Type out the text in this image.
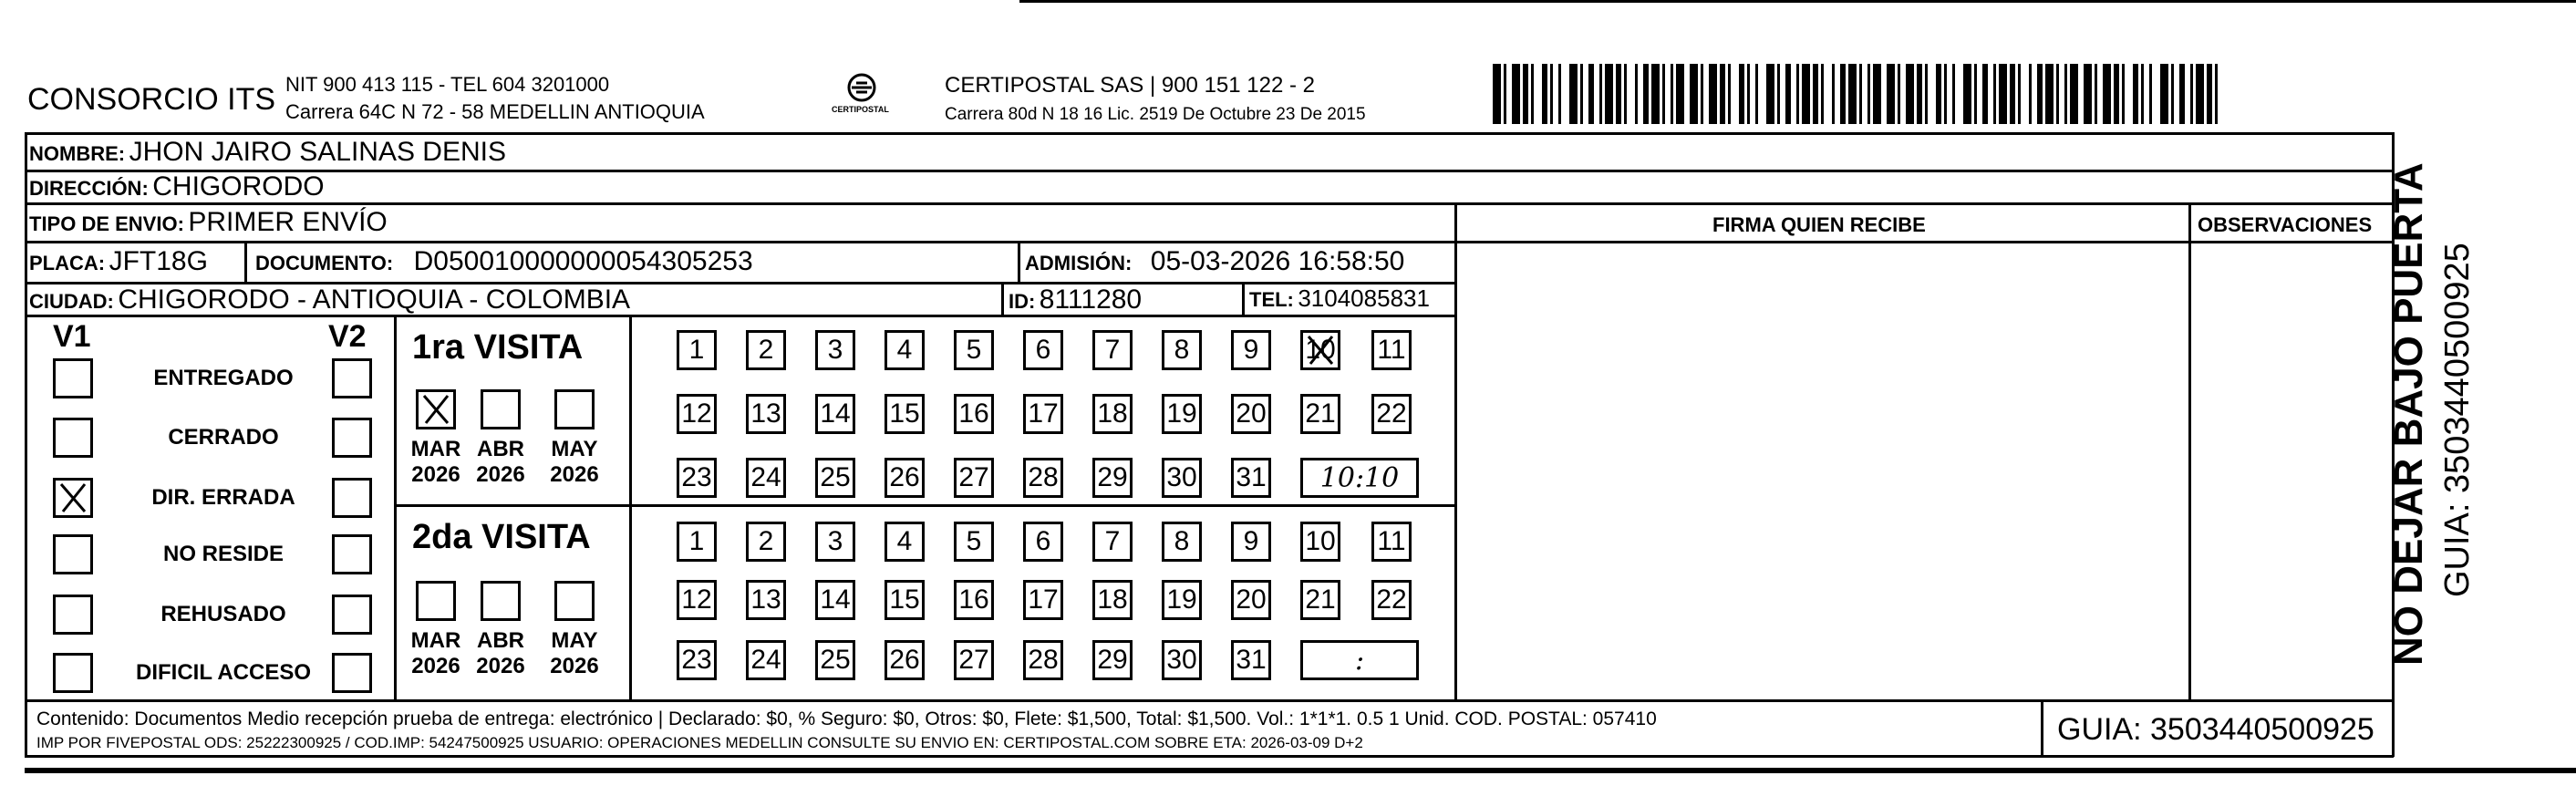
CONSORCIO ITS NIT 900 413 115 - TEL 604 3201000
Carrera 64C N 72 - 58 MEDELLIN ANTIOQUIA	CERTIPOSTAL
CERTIPOSTAL SAS | 900 151 122 - 2
Carrera 80d N 18 16 Lic. 2519 De Octubre 23 De 2015
FIRMA QUIEN RECIBE	OBSERVACIONES
NOMBRE: JHON JAIRO SALINAS DENIS
DIRECCIÓN: CHIGORODO
TIPO DE ENVIO: PRIMER ENVÍO
PLACA: JFT18G DOCUMENTO: D050010000000054305253	ADMISIÓN: 05-03-2026 16:58:50
CIUDAD: CHIGORODO - ANTIOQUIA - COLOMBIA	ID: 8111280	TEL: 3104085831
V1	V2
ENTREGADO
CERRADO
DIR. ERRADA
NO RESIDE
REHUSADO
DIFICIL ACCESO
1ra VISITA
2da VISITA
MAR
2026
ABR
2026
MAY
2026
MAR
2026
ABR
2026
MAY
2026
1 2 3 4 5 6 7 8 9 10 11
12 13 14 15 16 17 18 19 20 21 22
23 24 25 26 27 28 29 30 31 10:10
1 2 3 4 5 6 7 8 9 10 11
12 13 14 15 16 17 18 19 20 21 22
23 24 25 26 27 28 29 30 31	:
Contenido: Documentos Medio recepción prueba de entrega: electrónico | Declarado: $0, % Seguro: $0, Otros: $0, Flete: $1,500, Total: $1,500. Vol.: 1*1*1. 0.5 1 Unid. COD. POSTAL: 057410
IMP POR FIVEPOSTAL ODS: 25222300925 / COD.IMP: 54247500925 USUARIO: OPERACIONES MEDELLIN CONSULTE SU ENVIO EN: CERTIPOSTAL.COM SOBRE ETA: 2026-03-09 D+2	GUIA: 3503440500925
NO DEJAR BAJO PUERTA GUIA: 3503440500925
